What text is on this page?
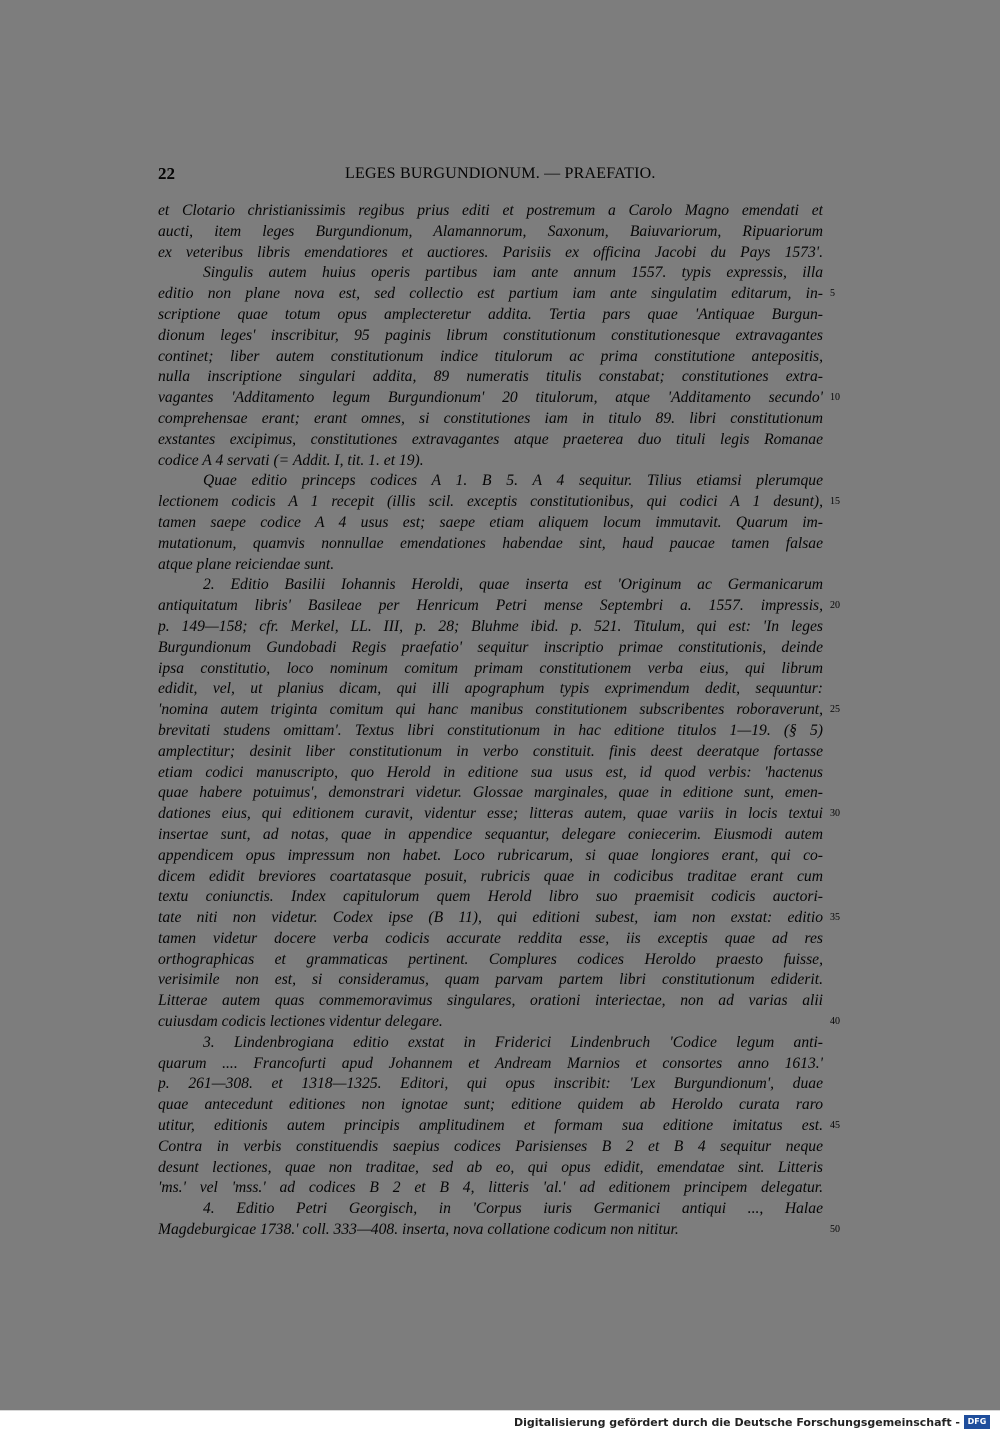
22	LEGES BURGUNDIONUM. — PRAEFATIO.
et Clotario christianissimis regibus prius editi et postremum a Carolo Magno emendati et
aucti, item leges Burgundionum, Alamannorum, Saxonum, Baiuvariorum, Ripuariorum
ex veteribus libris emendatiores et auctiores. Parisiis ex officina Jacobi du Pays 1573'.
Singulis autem huius operis partibus iam ante annum 1557. typis expressis, illa
editio non plane nova est, sed collectio est partium iam ante singulatim editarum, in-
scriptione quae totum opus amplecteretur addita. Tertia pars quae 'Antiquae Burgun-
dionum leges' inscribitur, 95 paginis librum constitutionum constitutionesque extravagantes
continet; liber autem constitutionum indice titulorum ac prima constitutione antepositis,
nulla inscriptione singulari addita, 89 numeratis titulis constabat; constitutiones extra-
vagantes 'Additamento legum Burgundionum' 20 titulorum, atque 'Additamento secundo'
comprehensae erant; erant omnes, si constitutiones iam in titulo 89. libri constitutionum
exstantes excipimus, constitutiones extravagantes atque praeterea duo tituli legis Romanae
codice A 4 servati (= Addit. I, tit. 1. et 19).
Quae editio princeps codices A 1. B 5. A 4 sequitur. Tilius etiamsi plerumque
lectionem codicis A 1 recepit (illis scil. exceptis constitutionibus, qui codici A 1 desunt),
tamen saepe codice A 4 usus est; saepe etiam aliquem locum immutavit. Quarum im-
mutationum, quamvis nonnullae emendationes habendae sint, haud paucae tamen falsae
atque plane reiciendae sunt.
2. Editio Basilii Iohannis Heroldi, quae inserta est 'Originum ac Germanicarum
antiquitatum libris' Basileae per Henricum Petri mense Septembri a. 1557. impressis,
p. 149—158; cfr. Merkel, LL. III, p. 28; Bluhme ibid. p. 521. Titulum, qui est: 'In leges
Burgundionum Gundobadi Regis praefatio' sequitur inscriptio primae constitutionis, deinde
ipsa constitutio, loco nominum comitum primam constitutionem verba eius, qui librum
edidit, vel, ut planius dicam, qui illi apographum typis exprimendum dedit, sequuntur:
'nomina autem triginta comitum qui hanc manibus constitutionem subscribentes roboraverunt,
brevitati studens omittam'. Textus libri constitutionum in hac editione titulos 1—19. (§ 5)
amplectitur; desinit liber constitutionum in verbo constituit. finis deest deeratque fortasse
etiam codici manuscripto, quo Herold in editione sua usus est, id quod verbis: 'hactenus
quae habere potuimus', demonstrari videtur. Glossae marginales, quae in editione sunt, emen-
dationes eius, qui editionem curavit, videntur esse; litteras autem, quae variis in locis textui
insertae sunt, ad notas, quae in appendice sequantur, delegare coniecerim. Eiusmodi autem
appendicem opus impressum non habet. Loco rubricarum, si quae longiores erant, qui co-
dicem edidit breviores coartatasque posuit, rubricis quae in codicibus traditae erant cum
textu coniunctis. Index capitulorum quem Herold libro suo praemisit codicis auctori-
tate niti non videtur. Codex ipse (B 11), qui editioni subest, iam non exstat: editio
tamen videtur docere verba codicis accurate reddita esse, iis exceptis quae ad res
orthographicas et grammaticas pertinent. Complures codices Heroldo praesto fuisse,
verisimile non est, si consideramus, quam parvam partem libri constitutionum ediderit.
Litterae autem quas commemoravimus singulares, orationi interiectae, non ad varias alii
cuiusdam codicis lectiones videntur delegare.
3. Lindenbrogiana editio exstat in Friderici Lindenbruch 'Codice legum anti-
quarum .... Francofurti apud Johannem et Andream Marnios et consortes anno 1613.'
p. 261—308. et 1318—1325. Editori, qui opus inscribit: 'Lex Burgundionum', duae
quae antecedunt editiones non ignotae sunt; editione quidem ab Heroldo curata raro
utitur, editionis autem principis amplitudinem et formam sua editione imitatus est.
Contra in verbis constituendis saepius codices Parisienses B 2 et B 4 sequitur neque
desunt lectiones, quae non traditae, sed ab eo, qui opus edidit, emendatae sint. Litteris
'ms.' vel 'mss.' ad codices B 2 et B 4, litteris 'al.' ad editionem principem delegatur.
4. Editio Petri Georgisch, in 'Corpus iuris Germanici antiqui ..., Halae
Magdeburgicae 1738.' coll. 333—408. inserta, nova collatione codicum non nititur.
5
10
15
20
25
30
35
40
45
50
Digitalisierung gefördert durch die Deutsche Forschungsgemeinschaft - DFG
